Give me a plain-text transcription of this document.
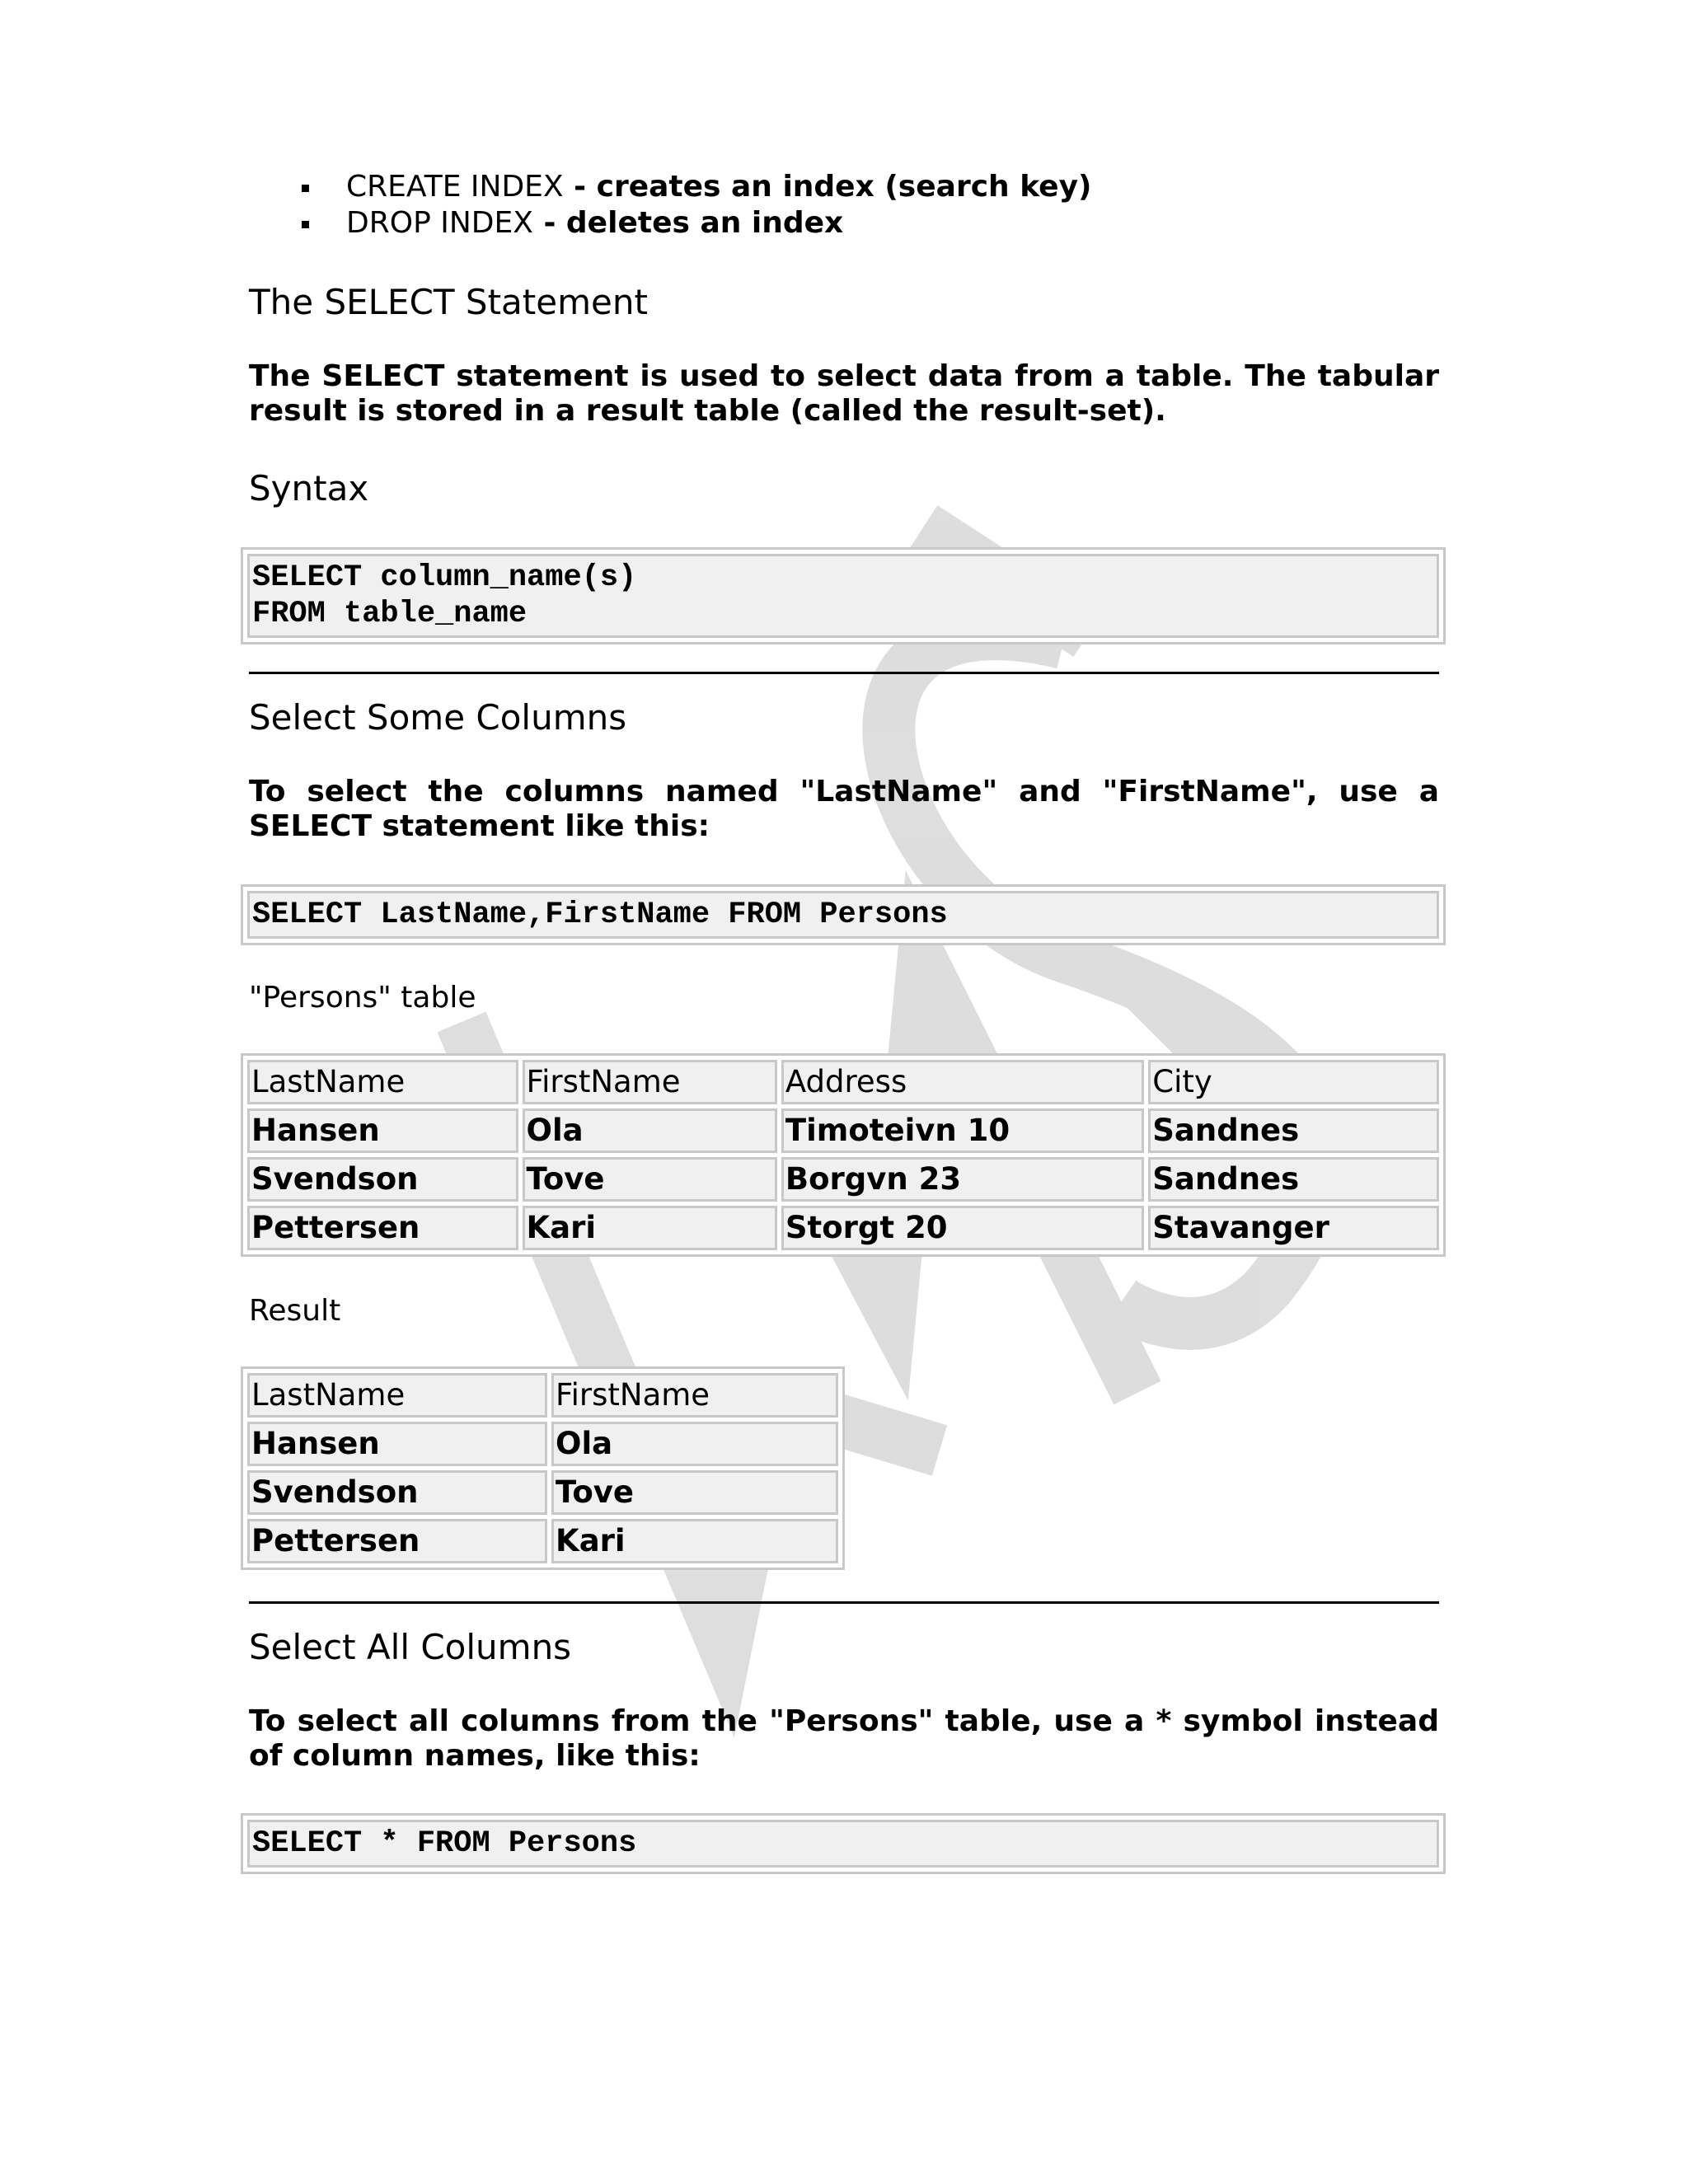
CREATE INDEX - creates an index (search key)
DROP INDEX - deletes an index
The SELECT Statement
The SELECT statement is used to select data from a table. The tabular result is stored in a result table (called the result-set).
Syntax
SELECT column_name(s)
FROM table_name
Select Some Columns
To select the columns named "LastName" and "FirstName", use a SELECT statement like this:
SELECT LastName,FirstName FROM Persons
"Persons" table
LastName	FirstName	Address	City
Hansen	Ola	Timoteivn 10	Sandnes
Svendson	Tove	Borgvn 23	Sandnes
Pettersen	Kari	Storgt 20	Stavanger
Result
LastName	FirstName
Hansen	Ola
Svendson	Tove
Pettersen	Kari
Select All Columns
To select all columns from the "Persons" table, use a * symbol instead of column names, like this:
SELECT * FROM Persons
